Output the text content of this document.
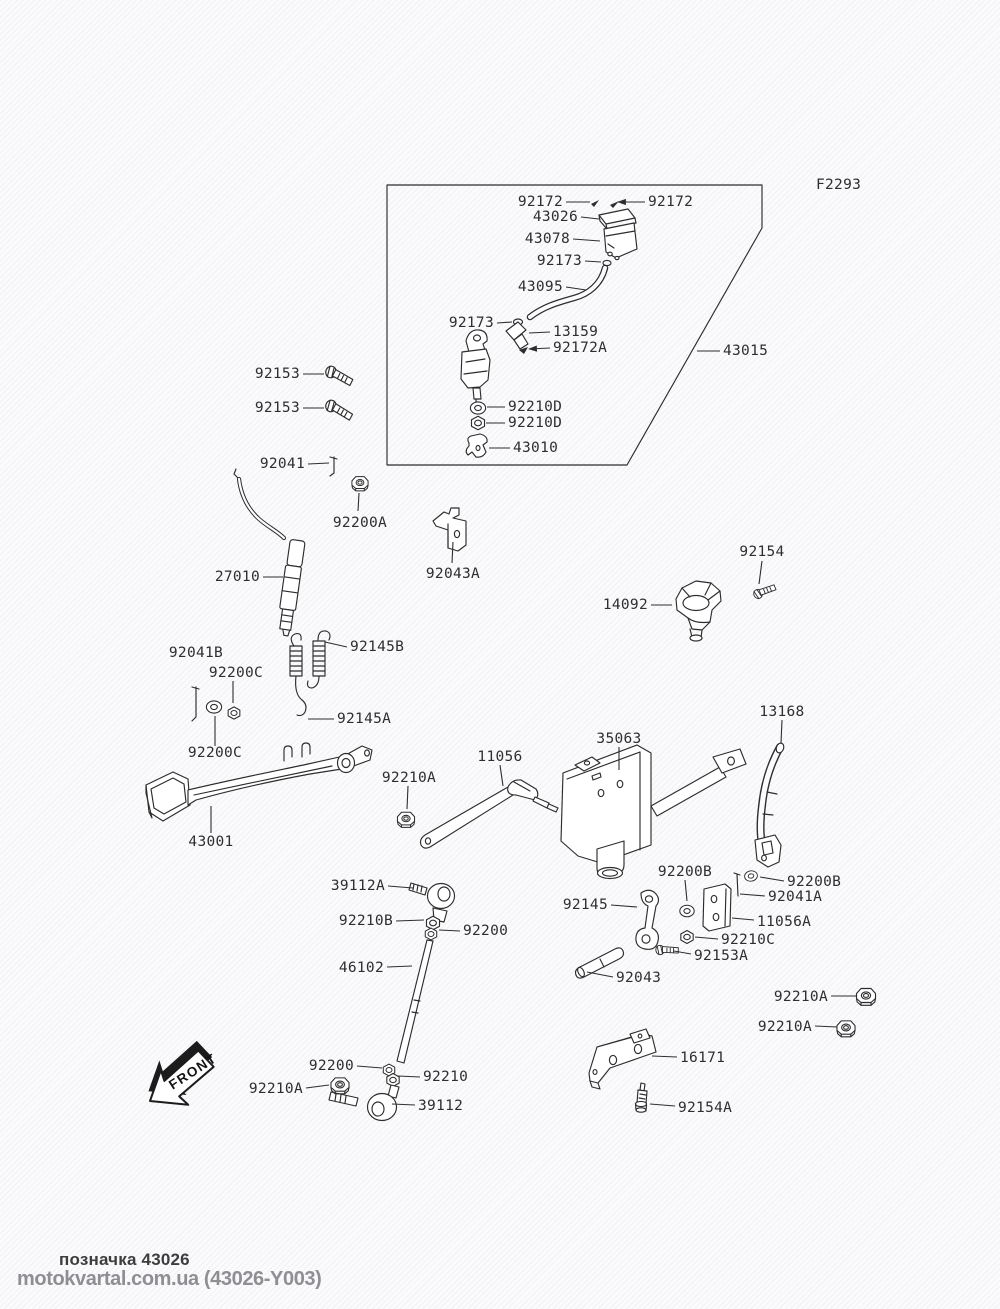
FRONT
F2293
92172	92172
43026
43078
92173
43095
92173
13159
92172A	43015
92210D
92210D
43010
92153
92153
92041
92200A
27010	92043A
92154
14092
92041B
92200C
92145B
92145A
92200C
43001
13168
35063
11056
92210A
39112A
92210B
92200
46102
92200
92210
92210A
39112
92145
92200B
92200B
92041A
11056A
92210C
92153A
92043
92210A
92210A
16171
92154A
позначка 43026
motokvartal.com.ua (43026-Y003)
